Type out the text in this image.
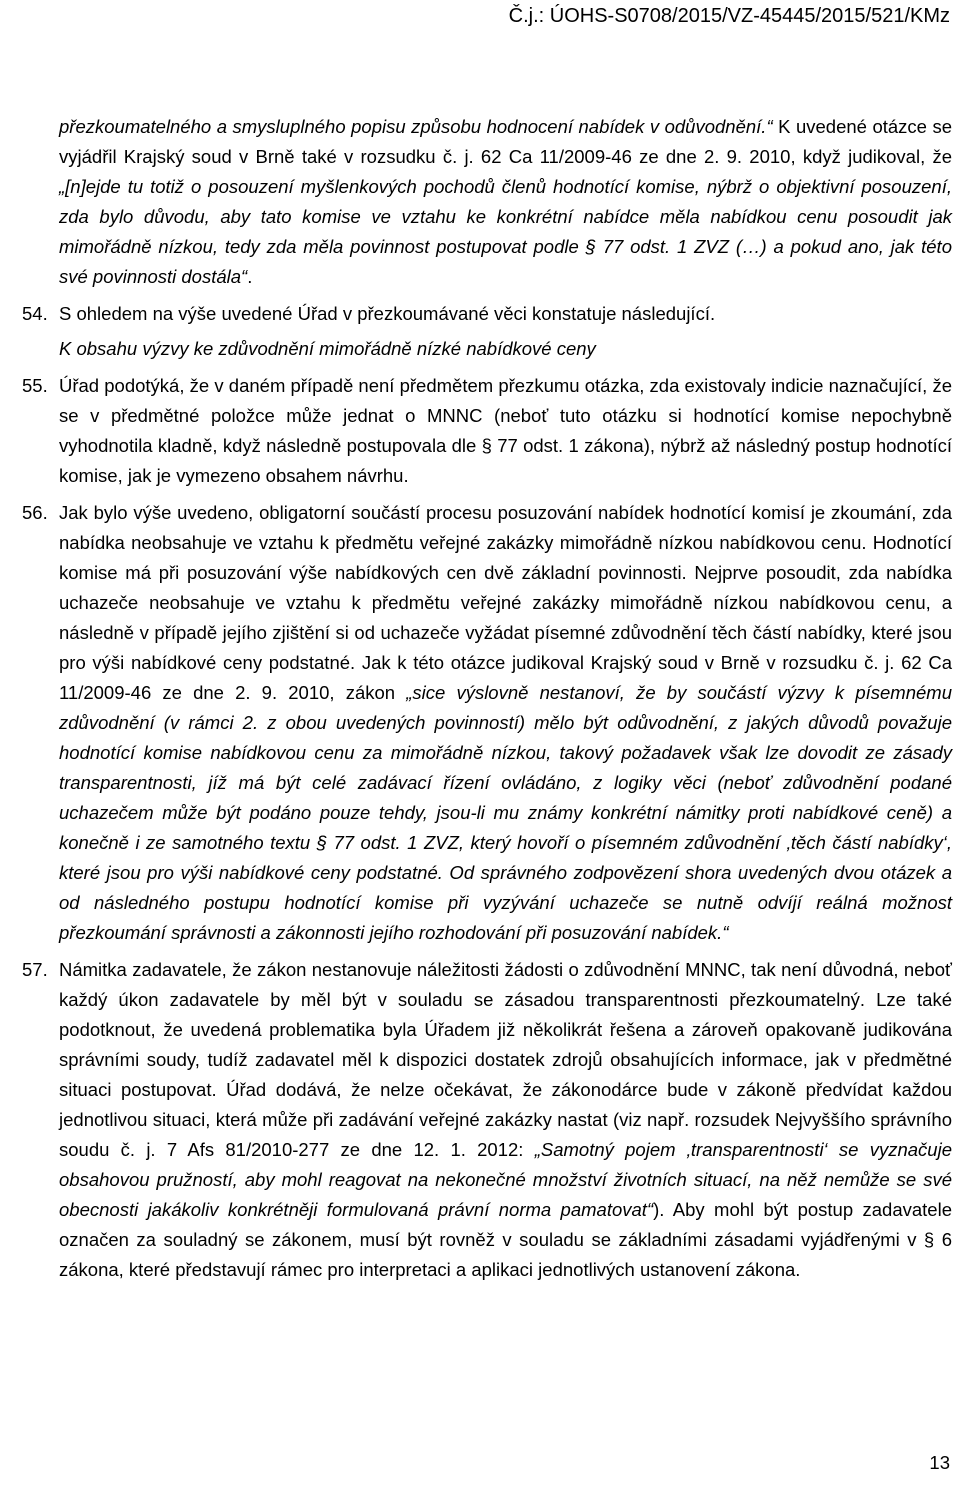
Č.j.: ÚOHS-S0708/2015/VZ-45445/2015/521/KMz
přezkoumatelného a smysluplného popisu způsobu hodnocení nabídek v odůvodnění.“ K uvedené otázce se vyjádřil Krajský soud v Brně také v rozsudku č. j. 62 Ca 11/2009-46 ze dne 2. 9. 2010, když judikoval, že „[n]ejde tu totiž o posouzení myšlenkových pochodů členů hodnotící komise, nýbrž o objektivní posouzení, zda bylo důvodu, aby tato komise ve vztahu ke konkrétní nabídce měla nabídkou cenu posoudit jak mimořádně nízkou, tedy zda měla povinnost postupovat podle § 77 odst. 1 ZVZ (…) a pokud ano, jak této své povinnosti dostála“.
54. S ohledem na výše uvedené Úřad v přezkoumávané věci konstatuje následující.
K obsahu výzvy ke zdůvodnění mimořádně nízké nabídkové ceny
55. Úřad podotýká, že v daném případě není předmětem přezkumu otázka, zda existovaly indicie naznačující, že se v předmětné položce může jednat o MNNC (neboť tuto otázku si hodnotící komise nepochybně vyhodnotila kladně, když následně postupovala dle § 77 odst. 1 zákona), nýbrž až následný postup hodnotící komise, jak je vymezeno obsahem návrhu.
56. Jak bylo výše uvedeno, obligatorní součástí procesu posuzování nabídek hodnotící komisí je zkoumání, zda nabídka neobsahuje ve vztahu k předmětu veřejné zakázky mimořádně nízkou nabídkovou cenu. Hodnotící komise má při posuzování výše nabídkových cen dvě základní povinnosti. Nejprve posoudit, zda nabídka uchazeče neobsahuje ve vztahu k předmětu veřejné zakázky mimořádně nízkou nabídkovou cenu, a následně v případě jejího zjištění si od uchazeče vyžádat písemné zdůvodnění těch částí nabídky, které jsou pro výši nabídkové ceny podstatné. Jak k této otázce judikoval Krajský soud v Brně v rozsudku č. j. 62 Ca 11/2009-46 ze dne 2. 9. 2010, zákon „sice výslovně nestanoví, že by součástí výzvy k písemnému zdůvodnění (v rámci 2. z obou uvedených povinností) mělo být odůvodnění, z jakých důvodů považuje hodnotící komise nabídkovou cenu za mimořádně nízkou, takový požadavek však lze dovodit ze zásady transparentnosti, jíž má být celé zadávací řízení ovládáno, z logiky věci (neboť zdůvodnění podané uchazečem může být podáno pouze tehdy, jsou-li mu známy konkrétní námitky proti nabídkové ceně) a konečně i ze samotného textu § 77 odst. 1 ZVZ, který hovoří o písemném zdůvodnění ‚těch částí nabídky‘, které jsou pro výši nabídkové ceny podstatné. Od správného zodpovězení shora uvedených dvou otázek a od následného postupu hodnotící komise při vyzývání uchazeče se nutně odvíjí reálná možnost přezkoumání správnosti a zákonnosti jejího rozhodování při posuzování nabídek.“
57. Námitka zadavatele, že zákon nestanovuje náležitosti žádosti o zdůvodnění MNNC, tak není důvodná, neboť každý úkon zadavatele by měl být v souladu se zásadou transparentnosti přezkoumatelný. Lze také podotknout, že uvedená problematika byla Úřadem již několikrát řešena a zároveň opakovaně judikována správními soudy, tudíž zadavatel měl k dispozici dostatek zdrojů obsahujících informace, jak v předmětné situaci postupovat. Úřad dodává, že nelze očekávat, že zákonodárce bude v zákoně předvídat každou jednotlivou situaci, která může při zadávání veřejné zakázky nastat (viz např. rozsudek Nejvyššího správního soudu č. j. 7 Afs 81/2010-277 ze dne 12. 1. 2012: „Samotný pojem ‚transparentnosti‘ se vyznačuje obsahovou pružností, aby mohl reagovat na nekonečné množství životních situací, na něž nemůže se své obecnosti jakákoliv konkrétněji formulovaná právní norma pamatovat“). Aby mohl být postup zadavatele označen za souladný se zákonem, musí být rovněž v souladu se základními zásadami vyjádřenými v § 6 zákona, které představují rámec pro interpretaci a aplikaci jednotlivých ustanovení zákona.
13
